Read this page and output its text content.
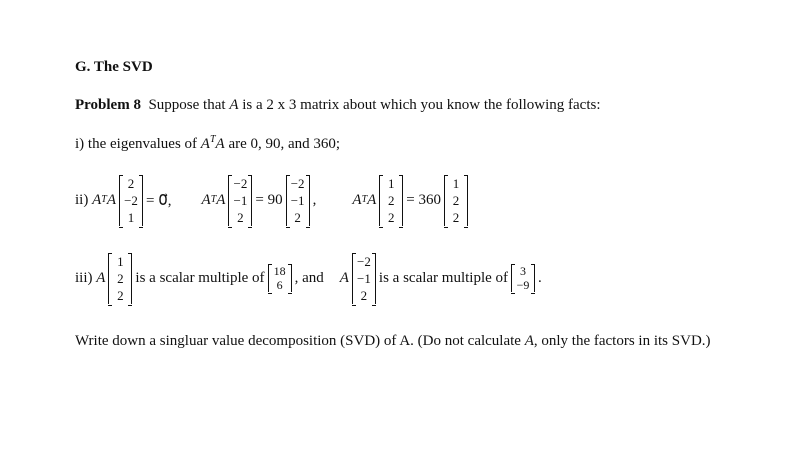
G. The SVD
Problem 8 Suppose that A is a 2 x 3 matrix about which you know the following facts:
i) the eigenvalues of $A^TA$ are 0, 90, and 360;
ii)
A T A
2
−2
1
= 0⃗, A T A
−2
−1
2
= 90
−2
−1
2
, A T A
1
2
2
= 360
1
2
2
iii)
A
1
2
2
is a scalar multiple of 18
6 , and A
−2
−1
2
is a scalar multiple of	3
−9 .
Write down a singluar value decomposition (SVD) of A. (Do not calculate A, only the factors in its SVD.)
